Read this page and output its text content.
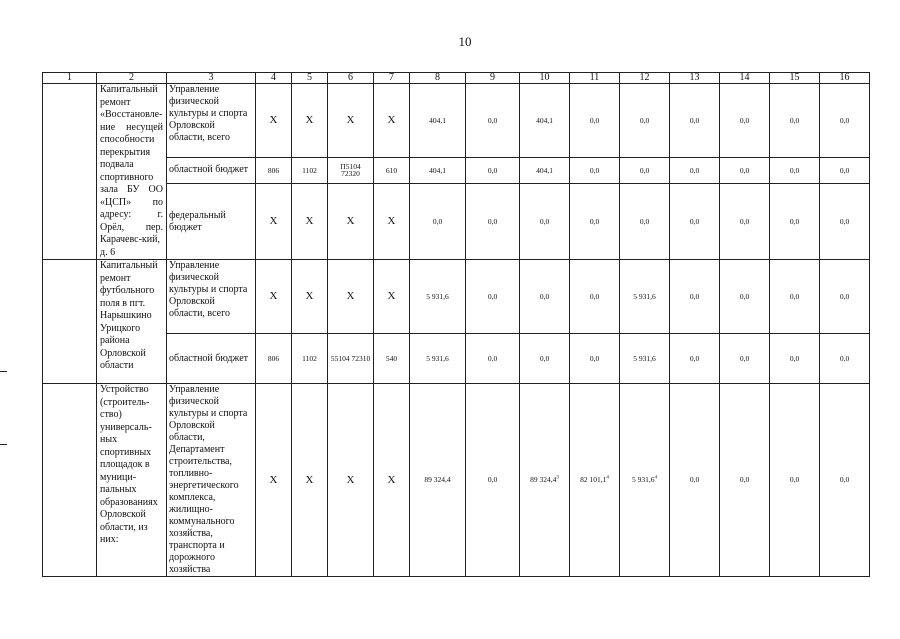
10
1	2	3	4	5	6	7	8	9	10	11	12	13	14	15	16
	Капитальный ремонт «Восстановле-ние несущей способности перекрытия подвала спортивного зала БУ ОО «ЦСП» по адресу: г. Орёл, пер. Карачевс-кий, д. 6	Управление физической культуры и спорта Орловской области, всего	Х	Х	Х	Х	404,1	0,0	404,1	0,0	0,0	0,0	0,0	0,0	0,0
		областной бюджет	806	1102	П5104 72320	610	404,1	0,0	404,1	0,0	0,0	0,0	0,0	0,0	0,0
		федеральный бюджет	Х	Х	Х	Х	0,0	0,0	0,0	0,0	0,0	0,0	0,0	0,0	0,0
	Капитальный ремонт футбольного поля в пгт. Нарышкино Урицкого района Орловской области	Управление физической культуры и спорта Орловской области, всего	Х	Х	Х	Х	5 931,6	0,0	0,0	0,0	5 931,6	0,0	0,0	0,0	0,0
		областной бюджет	806	1102	55104 72310	540	5 931,6	0,0	0,0	0,0	5 931,6	0,0	0,0	0,0	0,0
	Устройство (строитель-ство) универсаль-ных спортивных площадок в муници-пальных образованиях Орловской области, из них:	Управление физической культуры и спорта Орловской области, Департамент строительства, топливно-энергетического комплекса, жилищно-коммунального хозяйства, транспорта и дорожного хозяйства	Х	Х	Х	Х	89 324,4	0,0	89 324,4$^3$	82 101,1$^4$	5 931,6$^4$	0,0	0,0	0,0	0,0
